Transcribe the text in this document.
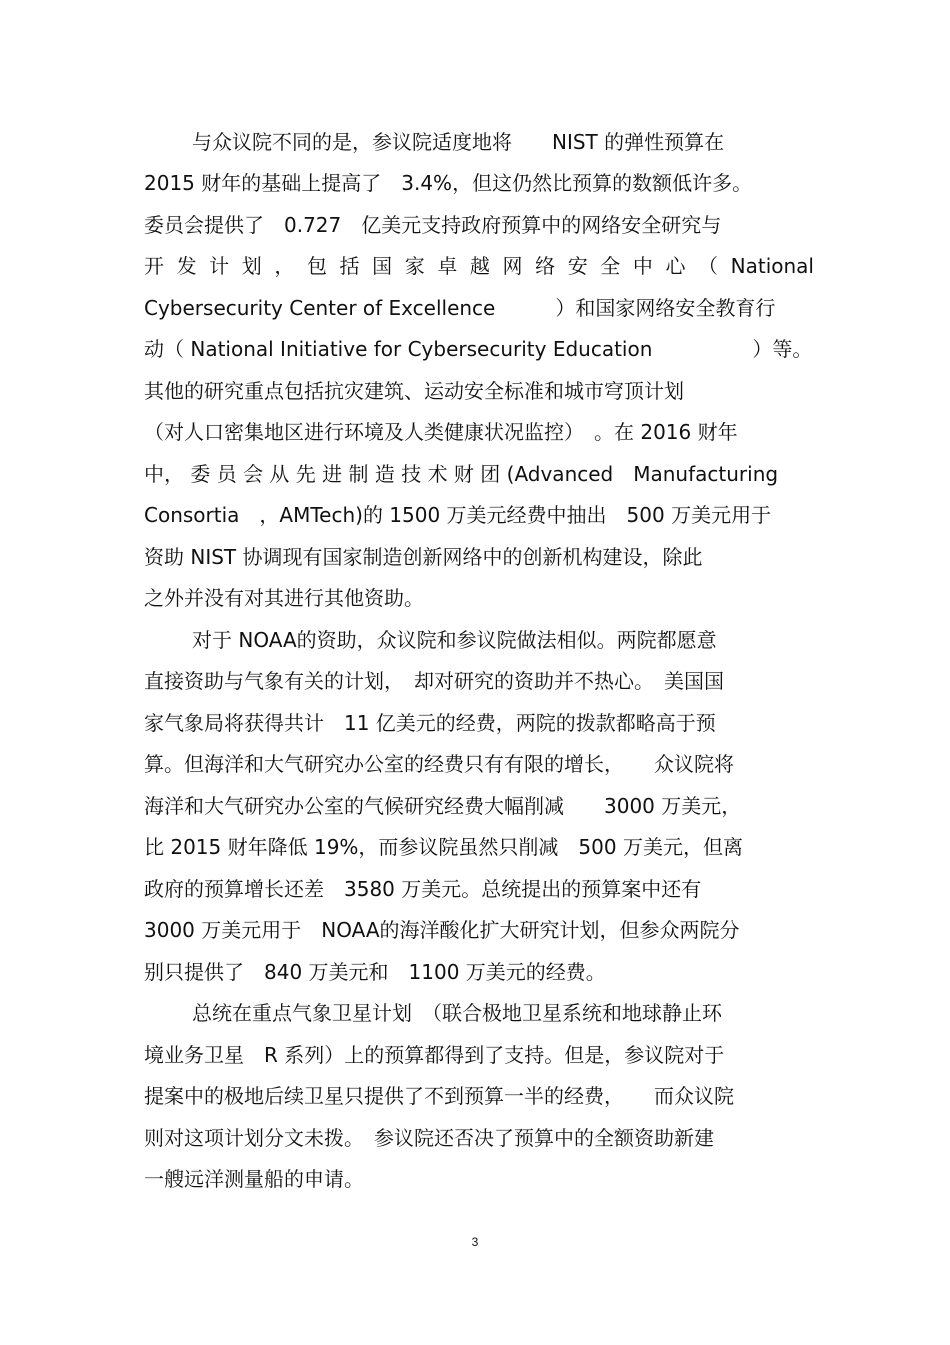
与众议院不同的是，参议院适度地将　　NIST 的弹性预算在
2015 财年的基础上提高了　3.4%，但这仍然比预算的数额低许多。
委员会提供了　0.727　亿美元支持政府预算中的网络安全研究与
开 发 计 划 ， 包 括 国 家 卓 越 网 络 安 全 中 心 （ National
Cybersecurity Center of Excellence　　　）和国家网络安全教育行
动（ National Initiative for Cybersecurity Education　　　　　）等。
其他的研究重点包括抗灾建筑、运动安全标准和城市穹顶计划
（对人口密集地区进行环境及人类健康状况监控）　。在 2016 财年
中， 委 员 会 从 先 进 制 造 技 术 财 团 (Advanced　Manufacturing
Consortia　，AMTech)的 1500 万美元经费中抽出　500 万美元用于
资助 NIST 协调现有国家制造创新网络中的创新机构建设，除此
之外并没有对其进行其他资助。
对于 NOAA的资助，众议院和参议院做法相似。两院都愿意
直接资助与气象有关的计划，　却对研究的资助并不热心。　美国国
家气象局将获得共计　11 亿美元的经费，两院的拨款都略高于预
算。但海洋和大气研究办公室的经费只有有限的增长，　　众议院将
海洋和大气研究办公室的气候研究经费大幅削减　　3000 万美元，
比 2015 财年降低 19%，而参议院虽然只削减　500 万美元，但离
政府的预算增长还差　3580 万美元。总统提出的预算案中还有
3000 万美元用于　NOAA的海洋酸化扩大研究计划，但参众两院分
别只提供了　840 万美元和　1100 万美元的经费。
总统在重点气象卫星计划　（联合极地卫星系统和地球静止环
境业务卫星　R 系列）上的预算都得到了支持。但是，参议院对于
提案中的极地后续卫星只提供了不到预算一半的经费，　　而众议院
则对这项计划分文未拨。　参议院还否决了预算中的全额资助新建
一艘远洋测量船的申请。
3
